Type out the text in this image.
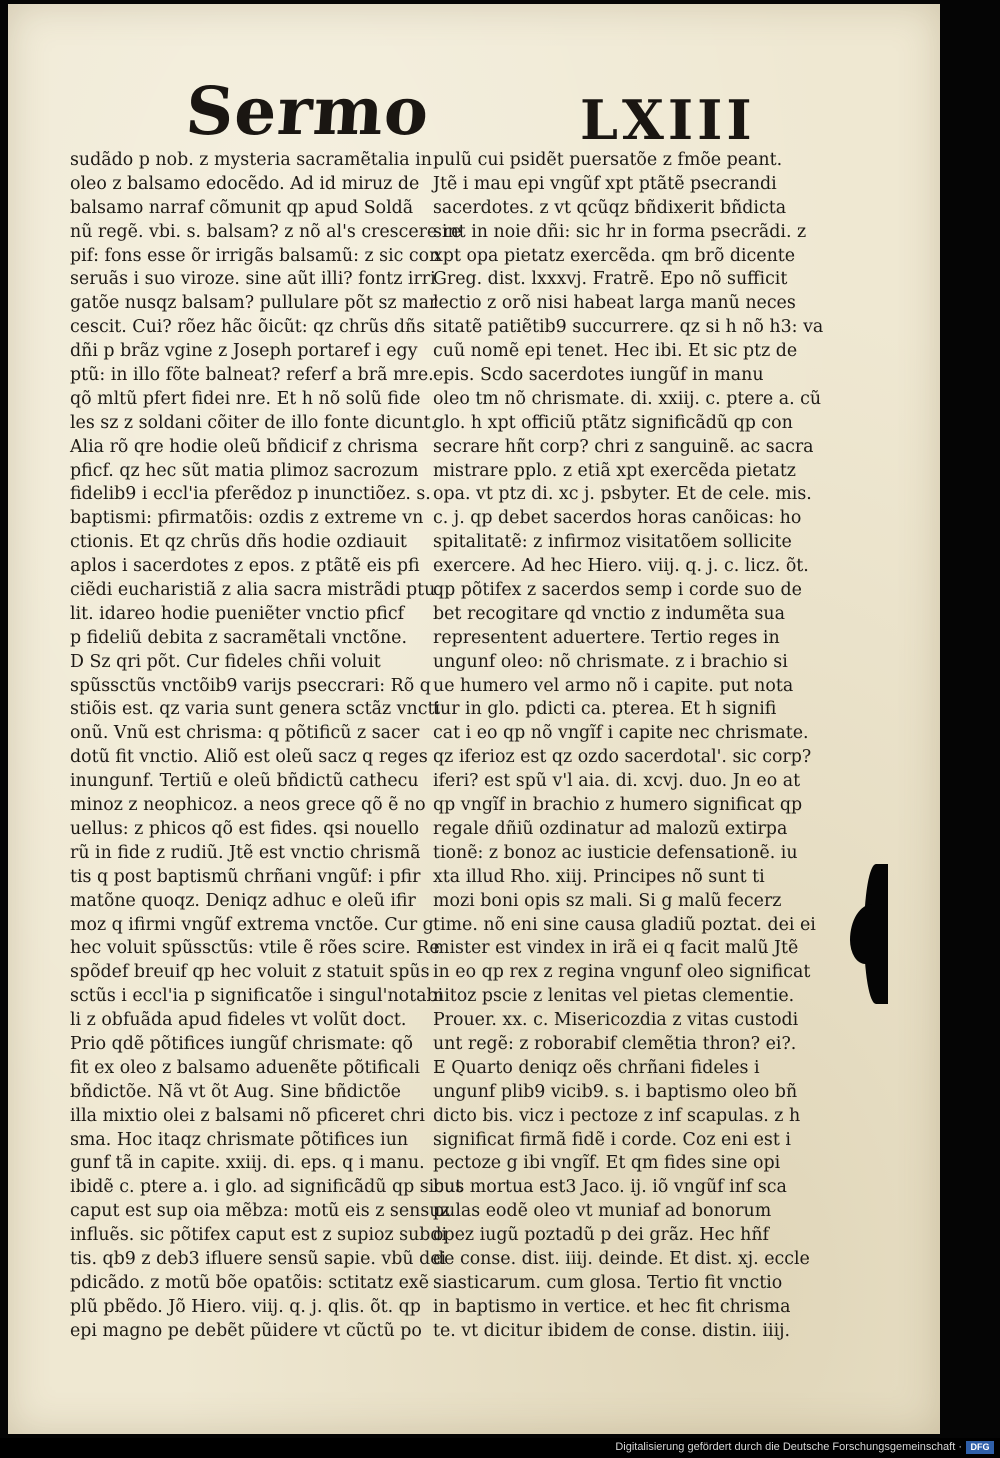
Sermo	LXIII
sudãdo p nob. z mysteria sacramẽtalia in
oleo z balsamo edocẽdo. Ad id miruz de
balsamo narraf cõmunit qp apud Soldã
nũ regẽ. vbi. s. balsam? z nõ al's crescere re
pif: fons esse õr irrigãs balsamũ: z sic con
seruãs i suo viroze. sine aũt illi? fontz irri
gatõe nusqz balsam? pullulare põt sz mar
cescit. Cui? rõez hãc õicũt: qz chrũs dñs
dñi p brãz vgine z Joseph portaref i egy
ptũ: in illo fõte balneat? referf a brã mre.
qõ mltũ pfert fidei nre. Et h nõ solũ fide
les sz z soldani cõiter de illo fonte dicunt.
Alia rõ qre hodie oleũ bñdicif z chrisma
pficf. qz hec sũt matia plimoz sacrozum
fidelib9 i eccl'ia pferẽdoz p inunctiõez. s.
baptismi: pfirmatõis: ozdis z extreme vn
ctionis. Et qz chrũs dñs hodie ozdiauit
aplos i sacerdotes z epos. z ptãtẽ eis pfi
ciẽdi eucharistiã z alia sacra mistrãdi ptu
lit. idareo hodie pueniẽter vnctio pficf
p fideliũ debita z sacramẽtali vnctõne.
D Sz qri põt. Cur fideles chñi voluit
spũssctũs vnctõib9 varijs pseccrari: Rõ q
stiõis est. qz varia sunt genera sctãz vncti
onũ. Vnũ est chrisma: q põtificũ z sacer
dotũ fit vnctio. Aliõ est oleũ sacz q reges
inungunf. Tertiũ e oleũ bñdictũ cathecu
minoz z neophicoz. a neos grece qõ ẽ no
uellus: z phicos qõ est fides. qsi nouello
rũ in fide z rudiũ. Jtẽ est vnctio chrismã
tis q post baptismũ chrñani vngũf: i pfir
matõne quoqz. Deniqz adhuc e oleũ ifir
moz q ifirmi vngũf extrema vnctõe. Cur g
hec voluit spũssctũs: vtile ẽ rões scire. Re
spõdef breuif qp hec voluit z statuit spũs
sctũs i eccl'ia p significatõe i singul'notabi
li z obfuãda apud fideles vt volũt doct.
Prio qdẽ põtifices iungũf chrismate: qõ
fit ex oleo z balsamo aduenẽte põtificali
bñdictõe. Nã vt õt Aug. Sine bñdictõe
illa mixtio olei z balsami nõ pficeret chri
sma. Hoc itaqz chrismate põtifices iun
gunf tã in capite. xxiij. di. eps. q i manu.
ibidẽ c. ptere a. i glo. ad significãdũ qp sicut
caput est sup oia mẽbza: motũ eis z sensuz
influẽs. sic põtifex caput est z supioz subdi
tis. qb9 z deb3 ifluere sensũ sapie. vbũ dei
pdicãdo. z motũ bõe opatõis: sctitatz exẽ
plũ pbẽdo. Jõ Hiero. viij. q. j. qlis. õt. qp
epi magno pe debẽt pũidere vt cũctũ po
pulũ cui psidẽt puersatõe z fmõe peant.
Jtẽ i mau epi vngũf xpt ptãtẽ psecrandi
sacerdotes. z vt qcũqz bñdixerit bñdicta
sint in noie dñi: sic hr in forma psecrãdi. z
xpt opa pietatz exercẽda. qm brõ dicente
Greg. dist. lxxxvj. Fratrẽ. Epo nõ sufficit
lectio z orõ nisi habeat larga manũ neces
sitatẽ patiẽtib9 succurrere. qz si h nõ h3: va
cuũ nomẽ epi tenet. Hec ibi. Et sic ptz de
epis. Scdo sacerdotes iungũf in manu
oleo tm nõ chrismate. di. xxiij. c. ptere a. cũ
glo. h xpt officiũ ptãtz significãdũ qp con
secrare hñt corp? chri z sanguinẽ. ac sacra
mistrare pplo. z etiã xpt exercẽda pietatz
opa. vt ptz di. xc j. psbyter. Et de cele. mis.
c. j. qp debet sacerdos horas canõicas: ho
spitalitatẽ: z infirmoz visitatõem sollicite
exercere. Ad hec Hiero. viij. q. j. c. licz. õt.
qp põtifex z sacerdos semp i corde suo de
bet recogitare qd vnctio z indumẽta sua
representent aduertere. Tertio reges in
ungunf oleo: nõ chrismate. z i brachio si
ue humero vel armo nõ i capite. put nota
tur in glo. pdicti ca. pterea. Et h signifi
cat i eo qp nõ vngĩf i capite nec chrismate.
qz iferioz est qz ozdo sacerdotal'. sic corp?
iferi? est spũ v'l aia. di. xcvj. duo. Jn eo at
qp vngĩf in brachio z humero significat qp
regale dñiũ ozdinatur ad malozũ extirpa
tionẽ: z bonoz ac iusticie defensationẽ. iu
xta illud Rho. xiij. Principes nõ sunt ti
mozi boni opis sz mali. Si g malũ fecerz
time. nõ eni sine causa gladiũ poztat. dei ei
mister est vindex in irã ei q facit malũ Jtẽ
in eo qp rex z regina vngunf oleo significat
nitoz pscie z lenitas vel pietas clementie.
Prouer. xx. c. Misericozdia z vitas custodi
unt regẽ: z roborabif clemẽtia thron? ei?.
E Quarto deniqz oẽs chrñani fideles i
ungunf plib9 vicib9. s. i baptismo oleo bñ
dicto bis. vicz i pectoze z inf scapulas. z h
significat firmã fidẽ i corde. Coz eni est i
pectoze g ibi vngĩf. Et qm fides sine opi
bus mortua est3 Jaco. ij. iõ vngũf inf sca
pulas eodẽ oleo vt muniaf ad bonorum
opez iugũ poztadũ p dei grãz. Hec hñf
de conse. dist. iiij. deinde. Et dist. xj. eccle
siasticarum. cum glosa. Tertio fit vnctio
in baptismo in vertice. et hec fit chrisma
te. vt dicitur ibidem de conse. distin. iiij.
Digitalisierung gefördert durch die Deutsche Forschungsgemeinschaft · DFG
